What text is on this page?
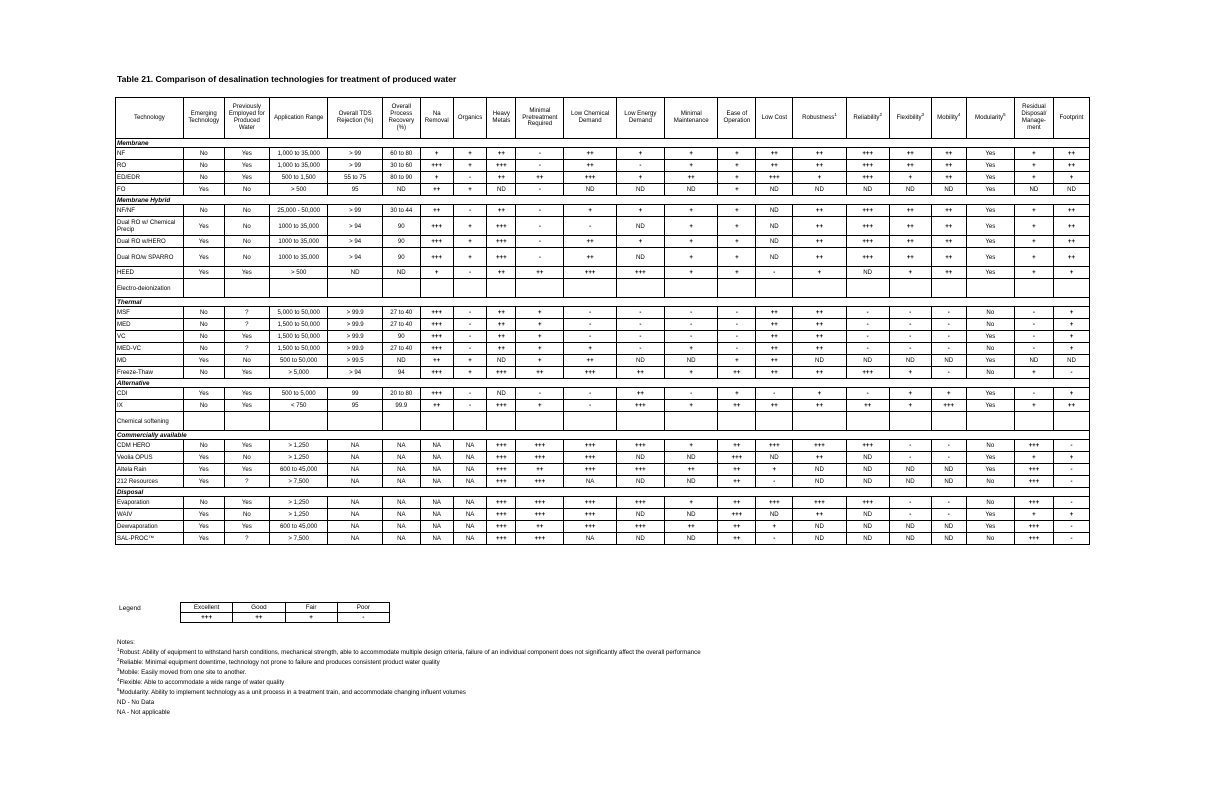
Table 21. Comparison of desalination technologies for treatment of produced water
Technology	Emerging Technology	Previously Employed for Produced Water	Application Range	Overall TDS Rejection (%)	Overall Process Recovery (%)	Na Removal	Organics	Heavy Metals	Minimal Pretreatment Required	Low Chemical Demand	Low Energy Demand	Minimal Maintenance	Ease of Operation	Low Cost	Robustness$^1$	Reliability$^2$	Flexibility$^3$	Mobility$^4$	Modularity$^5$	Residual Disposal/ Manage-ment	Footprint
Membrane																					
NF	No	Yes	1,000 to 35,000	> 99	60 to 80	+	+	++	-	++	+	+	+	++	++	+++	++	++	Yes	+	++
RO	No	Yes	1,000 to 35,000	> 99	30 to 60	+++	+	+++	-	++	-	+	+	++	++	+++	++	++	Yes	+	++
ED/EDR	No	Yes	500 to 1,500	55 to 75	80 to 90	+	-	++	++	+++	+	++	+	+++	+	+++	+	++	Yes	+	+
FO	Yes	No	> 500	95	ND	++	+	ND	-	ND	ND	ND	+	ND	ND	ND	ND	ND	Yes	ND	ND
Membrane Hybrid																					
NF/NF	No	No	25,000 - 50,000	> 99	30 to 44	++	-	++	-	+	+	+	+	ND	++	+++	++	++	Yes	+	++
Dual RO w/ Chemical Precip	Yes	No	1000 to 35,000	> 94	90	+++	+	+++	-	-	ND	+	+	ND	++	+++	++	++	Yes	+	++
Dual RO w/HERO	Yes	No	1000 to 35,000	> 94	90	+++	+	+++	-	++	+	+	+	ND	++	+++	++	++	Yes	+	++
Dual RO/w SPARRO	Yes	No	1000 to 35,000	> 94	90	+++	+	+++	-	++	ND	+	+	ND	++	+++	++	++	Yes	+	++
HEED	Yes	Yes	> 500	ND	ND	+	-	++	++	+++	+++	+	+	-	+	ND	+	++	Yes	+	+
Electro-deionization																					
Thermal																					
MSF	No	?	5,000 to 50,000	> 99.9	27 to 40	+++	-	++	+	-	-	-	-	++	++	-	-	-	No	-	+
MED	No	?	1,500 to 50,000	> 99.9	27 to 40	+++	-	++	+	-	-	-	-	++	++	-	-	-	No	-	+
VC	No	Yes	1,500 to 50,000	> 99.9	90	+++	-	++	+	-	-	-	-	++	++	-	-	-	Yes	-	+
MED-VC	No	?	1,500 to 50,000	> 99.9	27 to 40	+++	-	++	+	+	-	+	-	++	++	-	-	-	No	-	+
MD	Yes	No	500 to 50,000	> 99.5	ND	++	+	ND	+	++	ND	ND	+	++	ND	ND	ND	ND	Yes	ND	ND
Freeze-Thaw	No	Yes	> 5,000	> 94	94	+++	+	+++	++	+++	++	+	++	++	++	+++	+	-	No	+	-
Alternative																					
CDI	Yes	Yes	500 to 5,000	99	20 to 80	+++	-	ND	-	-	++	-	+	-	+	-	+	+	Yes	-	+
IX	No	Yes	< 750	95	99.9	++	-	+++	+	-	+++	+	++	++	++	++	+	+++	Yes	+	++
Chemical softening																					
Commercially available																					
CDM HERO	No	Yes	> 1,250	NA	NA	NA	NA	+++	+++	+++	+++	+	++	+++	+++	+++	-	-	No	+++	-
Veolia OPUS	Yes	No	> 1,250	NA	NA	NA	NA	+++	+++	+++	ND	ND	+++	ND	++	ND	-	-	Yes	+	+
Altela Rain	Yes	Yes	600 to 45,000	NA	NA	NA	NA	+++	++	+++	+++	++	++	+	ND	ND	ND	ND	Yes	+++	-
212 Resources	Yes	?	> 7,500	NA	NA	NA	NA	+++	+++	NA	ND	ND	++	-	ND	ND	ND	ND	No	+++	-
Disposal																					
Evaporation	No	Yes	> 1,250	NA	NA	NA	NA	+++	+++	+++	+++	+	++	+++	+++	+++	-	-	No	+++	-
WAIV	Yes	No	> 1,250	NA	NA	NA	NA	+++	+++	+++	ND	ND	+++	ND	++	ND	-	-	Yes	+	+
Dewvaporation	Yes	Yes	600 to 45,000	NA	NA	NA	NA	+++	++	+++	+++	++	++	+	ND	ND	ND	ND	Yes	+++	-
SAL-PROC™	Yes	?	> 7,500	NA	NA	NA	NA	+++	+++	NA	ND	ND	++	-	ND	ND	ND	ND	No	+++	-
Legend	Excellent	Good	Fair	Poor
+++	++	+	-
Notes:
$^1$Robust: Ability of equipment to withstand harsh conditions, mechanical strength, able to accommodate multiple design criteria, failure of an individual component does not significantly affect the overall performance
$^2$Reliable: Minimal equipment downtime, technology not prone to failure and produces consistent product water quality
$^3$Mobile: Easily moved from one site to another.
$^4$Flexible: Able to accommodate a wide range of water quality
$^5$Modularity: Ability to implement technology as a unit process in a treatment train, and accommodate changing influent volumes
ND - No Data
NA - Not applicable
